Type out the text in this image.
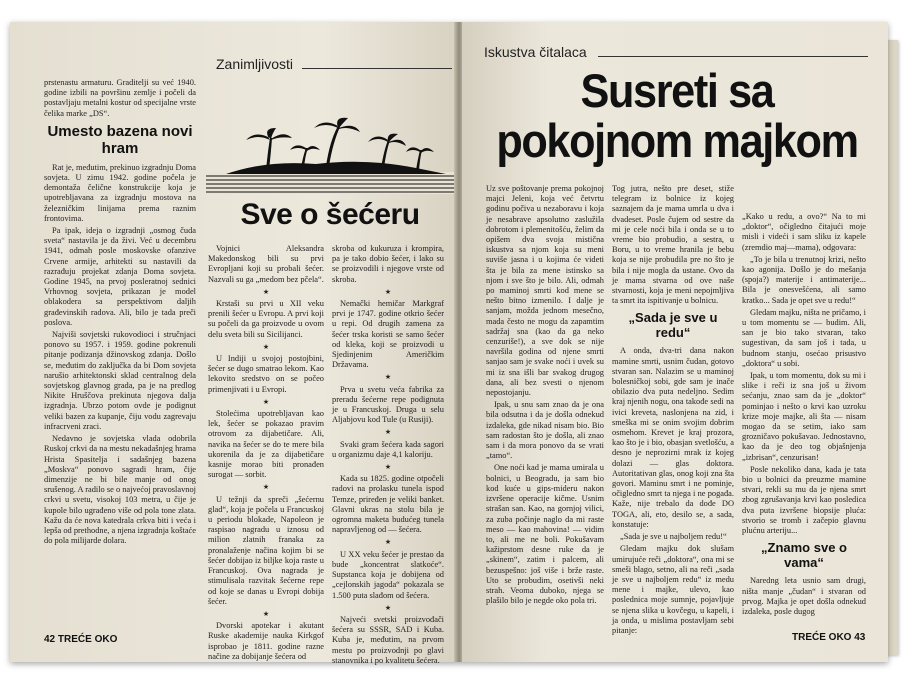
Zanimljivosti

prstenastu armaturu. Graditelji su već 1940. godine izbili na površinu zemlje i počeli da postavljaju metalni kostur od specijalne vrste čelika marke „DS“.

Umesto bazena novi hram

Rat je, međutim, prekinuo izgradnju Doma sovjeta. U zimu 1942. godine počela je demontaža čelične konstrukcije koja je upotrebljavana za izgradnju mostova na železničkim linijama prema raznim frontovima.

Pa ipak, ideja o izgradnji „osmog čuda sveta“ nastavila je da živi. Već u decembru 1941, odmah posle moskovske ofanzive Crvene armije, arhitekti su nastavili da razrađuju projekat zdanja Doma sovjeta. Godine 1945, na prvoj posleratnoj sednici Vrhovnog sovjeta, prikazan je model oblakodera sa perspektivom daljih građevinskih radova. Ali, bilo je tada preči poslova.

Najviši sovjetski rukovodioci i stručnjaci ponovo su 1957. i 1959. godine pokrenuli pitanje podizanja džinovskog zdanja. Došlo se, međutim do zaključka da bi Dom sovjeta narušio arhitektonski sklad centralnog dela sovjetskog glavnog grada, pa je na predlog Nikite Hruščova prekinuta njegova dalja izgradnja. Ubrzo potom ovde je podignut veliki bazen za kupanje, čiju vodu zagrevaju infracrveni zraci.

Nedavno je sovjetska vlada odobrila Ruskoj crkvi da na mestu nekadašnjeg hrama Hrista Spasitelja i sadašnjeg bazena „Moskva“ ponovo sagradi hram, čije dimenzije ne bi bile manje od onog srušenog. A radilo se o najvećoj pravoslavnoj crkvi u svetu, visokoj 103 metra, u čije je kupole bilo ugrađeno više od pola tone zlata. Kažu da će nova katedrala crkva biti i veća i lepša od prethodne, a njena izgradnja koštaće do pola milijarde dolara.

Sve o šećeru

Vojnici Aleksandra Makedonskog bili su prvi Evropljani koji su probali šećer. Nazvali su ga „medom bez pčela“.

★

Krstaši su prvi u XII veku prenili šećer u Evropu. A prvi koji su počeli da ga proizvode u ovom delu sveta bili su Sicilijanci.

★

U Indiji u svojoj postojbini, šećer se dugo smatrao lekom. Kao lekovito sredstvo on se počeo primenjivati i u Evropi.

★

Stolećima upotrebljavan kao lek, šećer se pokazao pravim otrovom za dijabetičare. Ali, navika na šećer se do te mere bila ukorenila da je za dijabetičare kasnije morao biti pronađen surogat — sorbit.

★

U težnji da spreči „šećernu glad“, koja je počela u Francuskoj u periodu blokade, Napoleon je raspisao nagradu u iznosu od milion zlatnih franaka za pronalaženje načina kojim bi se šećer dobijao iz biljke koja raste u Francuskoj. Ova nagrada je stimulisala razvitak šećerne repe od koje se danas u Evropi dobija šećer.

★

Dvorski apotekar i akutant Ruske akademije nauka Kirkgof isprobao je 1811. godine razne načine za dobijanje šećera od

skroba od kukuruza i krompira, pa je tako dobio šećer, i lako su se proizvodili i njegove vrste od skroba.

★

Nemački hemičar Markgraf prvi je 1747. godine otkrio šećer u repi. Od drugih zamena za šećer trska koristi se samo šećer od kleka, koji se proizvodi u Sjedinjenim Američkim Državama.

★

Prva u svetu veća fabrika za preradu šećerne repe podignuta je u Francuskoj. Druga u selu Aljabjovu kod Tule (u Rusiji).

★

Svaki gram šećera kada sagori u organizmu daje 4,1 kaloriju.

★

Kada su 1825. godine otpočeli radovi na prolasku tunela ispod Temze, priređen je veliki banket. Glavni ukras na stolu bila je ogromna maketa budućeg tunela napravljenog od — šećera.

★

U XX veku šećer je prestao da bude „koncentrat slatkoće“. Supstanca koja je dobijena od „cejlonskih jagoda“ pokazala se 1.500 puta slađom od šećera.

★

Najveći svetski proizvođači šećera su SSSR, SAD i Kuba. Kuba je, međutim, na prvom mestu po proizvodnji po glavi stanovnika i po kvalitetu šećera.

42 TREĆE OKO
Iskustva čitalaca
Susreti sa
pokojnom majkom

Uz sve poštovanje prema pokojnoj majci Jeleni, koja već četvrtu godinu počiva u nezaboravu i koja je nesabrave apsolutno zaslužila dobrotom i plemenitošću, želim da opišem dva svoja mistična iskustva sa njom koja su meni suviše jasna i u kojima će videti šta je bila za mene istinsko sa njom i sve što je bilo. Ali, odmah po maminoj smrti kod mene se nešto bitno izmenilo. I dalje je sanjam, možda jednom mesečno, mada često ne mogu da zapamtim sadržaj sna (kao da ga neko cenzuriše!), a sve dok se nije navršila godina od njene smrti sanjao sam je svake noći i uvek su mi iz sna išli bar svakog drugog dana, ali bez svesti o njenom nepostojanju.

Ipak, u snu sam znao da je ona bila odsutna i da je došla odnekud izdaleka, gde nikad nisam bio. Bio sam radostan što je došla, ali znao sam i da mora ponovo da se vrati „tamo“.

One noći kad je mama umirala u bolnici, u Beogradu, ja sam bio kod kuće u gips-mideru nakon izvršene operacije kičme. Usnim strašan san. Kao, na gornjoj vilici, za zuba počinje naglo da mi raste meso — kao mahovina! — vidim to, ali me ne boli. Pokušavam kažiprstom desne ruke da je „skinem“, zatim i palcem, ali bezuspešno: još više i brže raste. Uto se probudim, osetivši neki strah. Veoma duboko, njega se plašilo bilo je negde oko pola tri.

Tog jutra, nešto pre deset, stiže telegram iz bolnice iz kojeg saznajem da je mama umrla u dva i dvadeset. Posle čujem od sestre da mi je cele noći bila i onda se u to vreme bio probudio, a sestra, u Boru, u to vreme hranila je bebu koja se nije probudila pre no što je bila i nije mogla da ustane. Ovo da je mama stvarna od ove naše stvarnosti, koja je meni nepojmljiva ta smrt ita ispitivanje u bolnicu.

„Sada je sve u redu“

A onda, dva-tri dana nakon mamine smrti, usnim čudan, gotovo stvaran san. Nalazim se u maminoj bolesničkoj sobi, gde sam je inače obilazio dva puta nedeljno. Sedim kraj njenih nogu, ona takođe sedi na ivici kreveta, naslonjena na zid, i smeška mi se onim svojim dobrim osmehom. Krevet je kraj prozora, kao što je i bio, obasjan svetlošću, a desno je neprozirni mrak iz kojeg dolazi — glas doktora. Autoritativan glas, onog koji zna šta govori. Maminu smrt i ne pominje, očigledno smrt ta njega i ne pogađa. Kaže, nije trebalo da dođe DO TOGA, ali, eto, desilo se, a sada, konstatuje:

„Sada je sve u najboljem redu!“

Gledam majku dok slušam umirujuće reči „doktora“, ona mi se smeši blago, setno, ali na reči „sada je sve u najboljem redu“ iz medu mene i majke, ulevo, kao poslednica moje sumnje, pojavljuje se njena slika u kovčegu, u kapeli, i ja onda, u mislima postavljam sebi pitanje:

„Kako u redu, a ovo?“ Na to mi „doktor“, očigledno čitajući moje misli i videći i sam sliku iz kapele (zremdio maj—mama), odgovara:

„To je bila u trenutnoj krizi, nešto kao agonija. Došlo je do mešanja (spoja?) materije i antimaterije... Bila je onesvešćena, ali samo kratko... Sada je opet sve u redu!“

Gledam majku, ništa ne pričamo, i u tom momentu se — budim. Ali, san je bio tako stvaran, tako sugestivan, da sam još i tada, u budnom stanju, osećao prisustvo „doktora“ u sobi.

Ipak, u tom momentu, dok su mi i slike i reči iz sna još u živom sećanju, znao sam da je „doktor“ pominjao i nešto o krvi kao uzroku krize moje majke, ali šta — nisam mogao da se setim, iako sam grozničavo pokušavao. Jednostavno, kao da je deo tog objašnjenja „izbrisan“, cenzurisan!

Posle nekoliko dana, kada je tata bio u bolnici da preuzme mamine stvari, rekli su mu da je njena smrt zbog zgrušavanja krvi kao posledica dva puta izvršene biopsije pluća: stvorio se tromb i začepio glavnu plućnu arteriju...

„Znamo sve o vama“

Naredng leta usnio sam drugi, ništa manje „čudan“ i stvaran od prvog. Majka je opet došla odnekud izdaleka, posle dugog

TREĆE OKO 43
